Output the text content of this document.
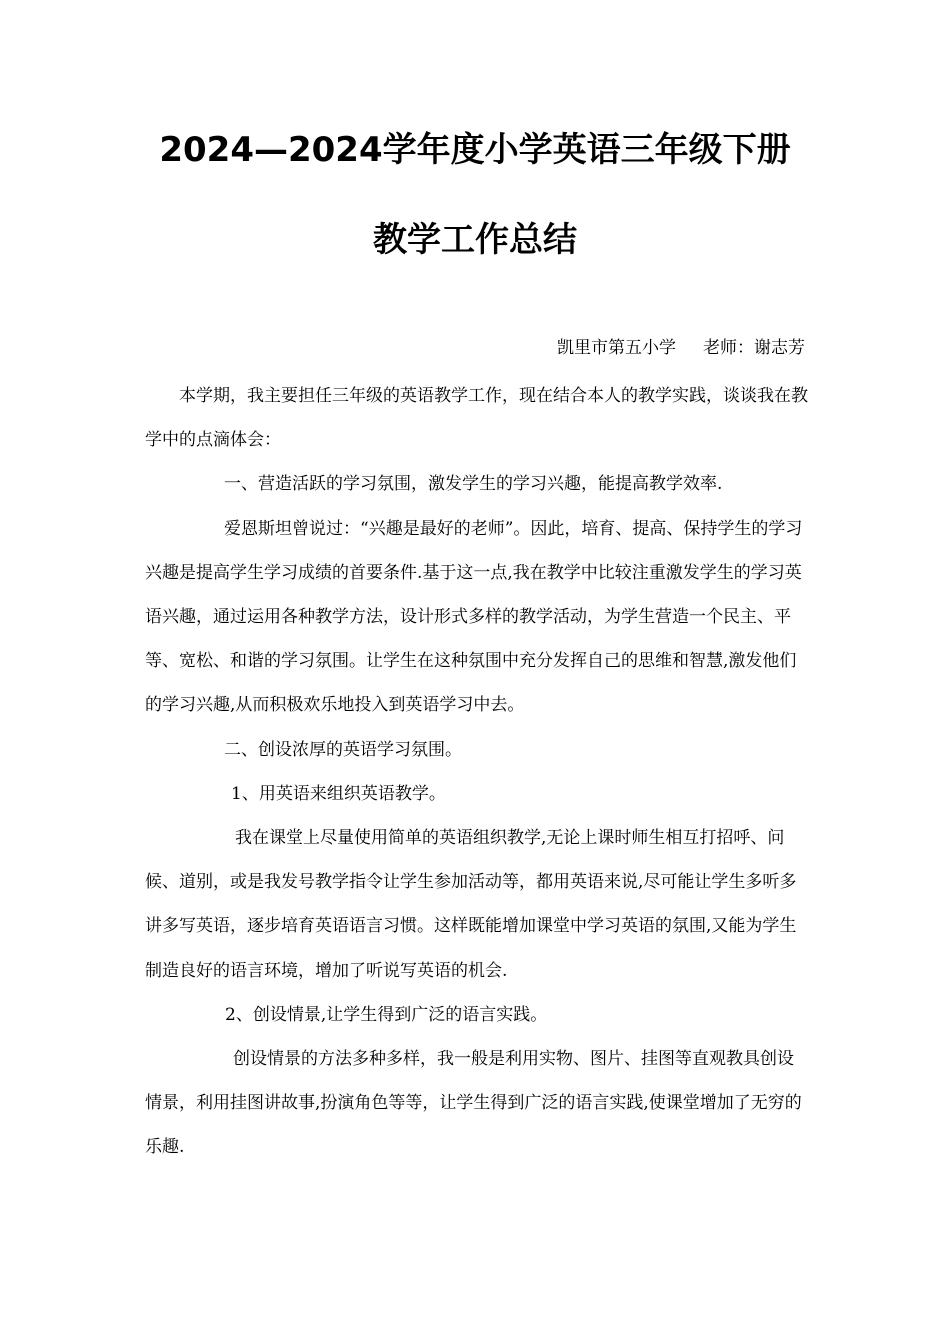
2024—2024学年度小学英语三年级下册
教学工作总结
凯里市第五小学     老师：谢志芳

本学期，我主要担任三年级的英语教学工作，现在结合本人的教学实践，谈谈我在教学中的点滴体会：

一、营造活跃的学习氛围，激发学生的学习兴趣，能提高教学效率.

爱恩斯坦曾说过：“兴趣是最好的老师”。因此，培育、提高、保持学生的学习兴趣是提高学生学习成绩的首要条件.基于这一点,我在教学中比较注重激发学生的学习英语兴趣，通过运用各种教学方法，设计形式多样的教学活动，为学生营造一个民主、平等、宽松、和谐的学习氛围。让学生在这种氛围中充分发挥自己的思维和智慧,激发他们的学习兴趣,从而积极欢乐地投入到英语学习中去。

二、创设浓厚的英语学习氛围。

1、用英语来组织英语教学。

我在课堂上尽量使用简单的英语组织教学,无论上课时师生相互打招呼、问候、道别，或是我发号教学指令让学生参加活动等，都用英语来说,尽可能让学生多听多讲多写英语，逐步培育英语语言习惯。这样既能增加课堂中学习英语的氛围,又能为学生制造良好的语言环境，增加了听说写英语的机会.

2、创设情景,让学生得到广泛的语言实践。

创设情景的方法多种多样，我一般是利用实物、图片、挂图等直观教具创设情景，利用挂图讲故事,扮演角色等等，让学生得到广泛的语言实践,使课堂增加了无穷的乐趣.
